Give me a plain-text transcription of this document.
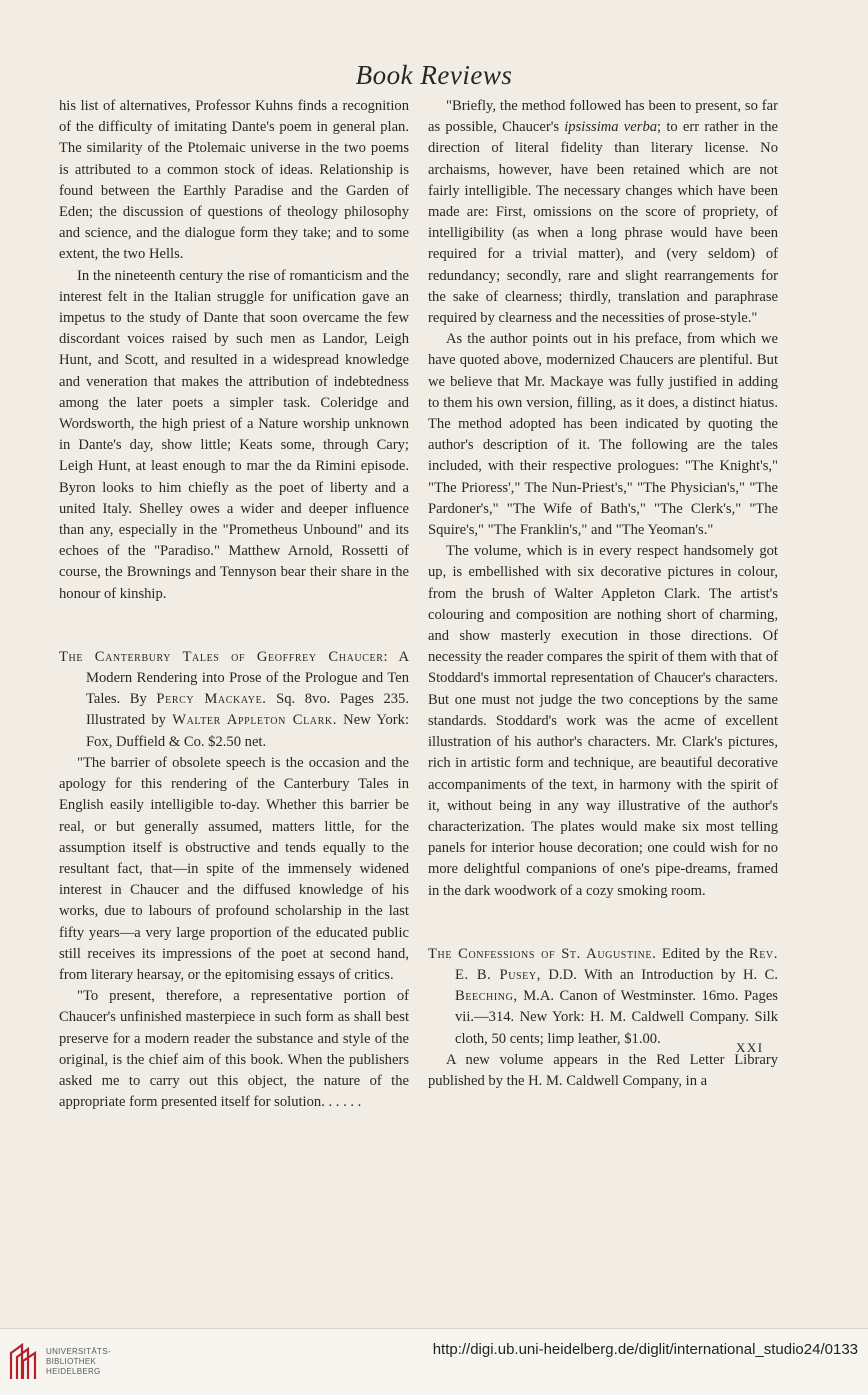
Book Reviews

his list of alternatives, Professor Kuhns finds a recognition of the difficulty of imitating Dante's poem in general plan. The similarity of the Ptolemaic universe in the two poems is attributed to a common stock of ideas. Relationship is found between the Earthly Paradise and the Garden of Eden; the discussion of questions of theology philosophy and science, and the dialogue form they take; and to some extent, the two Hells.

In the nineteenth century the rise of romanticism and the interest felt in the Italian struggle for unification gave an impetus to the study of Dante that soon overcame the few discordant voices raised by such men as Landor, Leigh Hunt, and Scott, and resulted in a widespread knowledge and veneration that makes the attribution of indebtedness among the later poets a simpler task. Coleridge and Wordsworth, the high priest of a Nature worship unknown in Dante's day, show little; Keats some, through Cary; Leigh Hunt, at least enough to mar the da Rimini episode. Byron looks to him chiefly as the poet of liberty and a united Italy. Shelley owes a wider and deeper influence than any, especially in the "Prometheus Unbound" and its echoes of the "Paradiso." Matthew Arnold, Rossetti of course, the Brownings and Tennyson bear their share in the honour of kinship.

The Canterbury Tales of Geoffrey Chaucer: A Modern Rendering into Prose of the Prologue and Ten Tales. By Percy Mackaye. Sq. 8vo. Pages 235. Illustrated by Walter Appleton Clark. New York: Fox, Duffield & Co. $2.50 net.

"The barrier of obsolete speech is the occasion and the apology for this rendering of the Canterbury Tales in English easily intelligible to-day. Whether this barrier be real, or but generally assumed, matters little, for the assumption itself is obstructive and tends equally to the resultant fact, that—in spite of the immensely widened interest in Chaucer and the diffused knowledge of his works, due to labours of profound scholarship in the last fifty years—a very large proportion of the educated public still receives its impressions of the poet at second hand, from literary hearsay, or the epitomising essays of critics.

"To present, therefore, a representative portion of Chaucer's unfinished masterpiece in such form as shall best preserve for a modern reader the substance and style of the original, is the chief aim of this book. When the publishers asked me to carry out this object, the nature of the appropriate form presented itself for solution. . . . . .

"Briefly, the method followed has been to present, so far as possible, Chaucer's ipsissima verba; to err rather in the direction of literal fidelity than literary license. No archaisms, however, have been retained which are not fairly intelligible. The necessary changes which have been made are: First, omissions on the score of propriety, of intelligibility (as when a long phrase would have been required for a trivial matter), and (very seldom) of redundancy; secondly, rare and slight rearrangements for the sake of clearness; thirdly, translation and paraphrase required by clearness and the necessities of prose-style."

As the author points out in his preface, from which we have quoted above, modernized Chaucers are plentiful. But we believe that Mr. Mackaye was fully justified in adding to them his own version, filling, as it does, a distinct hiatus. The method adopted has been indicated by quoting the author's description of it. The following are the tales included, with their respective prologues: "The Knight's," "The Prioress'," The Nun-Priest's," "The Physician's," "The Pardoner's," "The Wife of Bath's," "The Clerk's," "The Squire's," "The Franklin's," and "The Yeoman's."

The volume, which is in every respect handsomely got up, is embellished with six decorative pictures in colour, from the brush of Walter Appleton Clark. The artist's colouring and composition are nothing short of charming, and show masterly execution in those directions. Of necessity the reader compares the spirit of them with that of Stoddard's immortal representation of Chaucer's characters. But one must not judge the two conceptions by the same standards. Stoddard's work was the acme of excellent illustration of his author's characters. Mr. Clark's pictures, rich in artistic form and technique, are beautiful decorative accompaniments of the text, in harmony with the spirit of it, without being in any way illustrative of the author's characterization. The plates would make six most telling panels for interior house decoration; one could wish for no more delightful companions of one's pipe-dreams, framed in the dark woodwork of a cozy smoking room.

The Confessions of St. Augustine. Edited by the Rev. E. B. Pusey, D.D. With an Introduction by H. C. Beeching, M.A. Canon of Westminster. 16mo. Pages vii.—314. New York: H. M. Caldwell Company. Silk cloth, 50 cents; limp leather, $1.00.

A new volume appears in the Red Letter Library published by the H. M. Caldwell Company, in a

XXI
UNIVERSITÄTS-
BIBLIOTHEK
HEIDELBERG
http://digi.ub.uni-heidelberg.de/diglit/international_studio24/0133
